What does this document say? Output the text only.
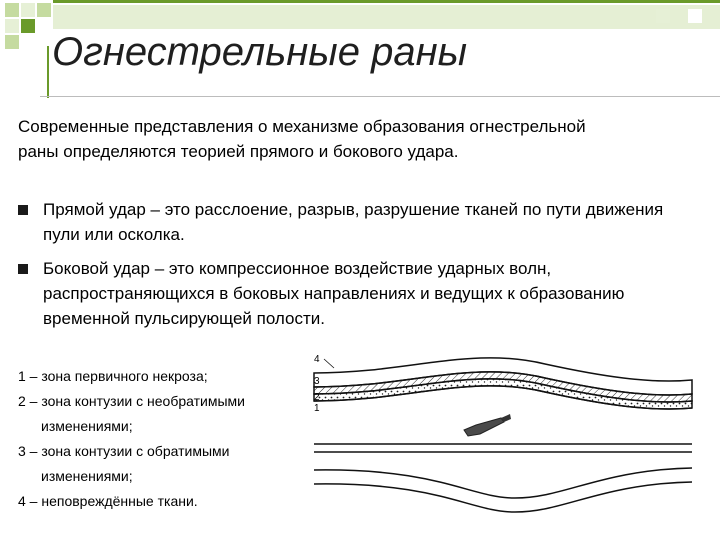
Огнестрельные раны
Современные представления о механизме образования огнестрельной раны определяются теорией прямого и бокового удара.
Прямой удар – это расслоение, разрыв, разрушение тканей по пути движения пули или осколка.
Боковой удар – это компрессионное воздействие ударных волн, распространяющихся в боковых направлениях и ведущих к образованию временной пульсирующей полости.
1 – зона первичного некроза;
2 – зона контузии с необратимыми
изменениями;
3 – зона контузии с обратимыми
изменениями;
4 – неповреждённые ткани.
4
3
2
1
